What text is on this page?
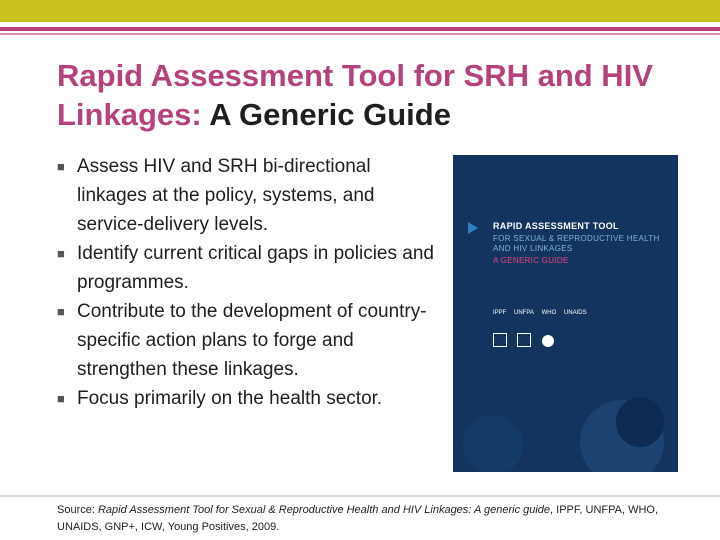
Rapid Assessment Tool for SRH and HIV Linkages: A Generic Guide
■ Assess HIV and SRH bi-directional linkages at the policy, systems, and service-delivery levels.
■ Identify current critical gaps in policies and programmes.
■ Contribute to the development of country-specific action plans to forge and strengthen these linkages.
■ Focus primarily on the health sector.
RAPID ASSESSMENT TOOL
FOR SEXUAL & REPRODUCTIVE HEALTH AND HIV LINKAGES
A GENERIC GUIDE
IPPF UNFPA WHO UNAIDS

Source: Rapid Assessment Tool for Sexual & Reproductive Health and HIV Linkages: A generic guide, IPPF, UNFPA, WHO, UNAIDS, GNP+, ICW, Young Positives, 2009.
